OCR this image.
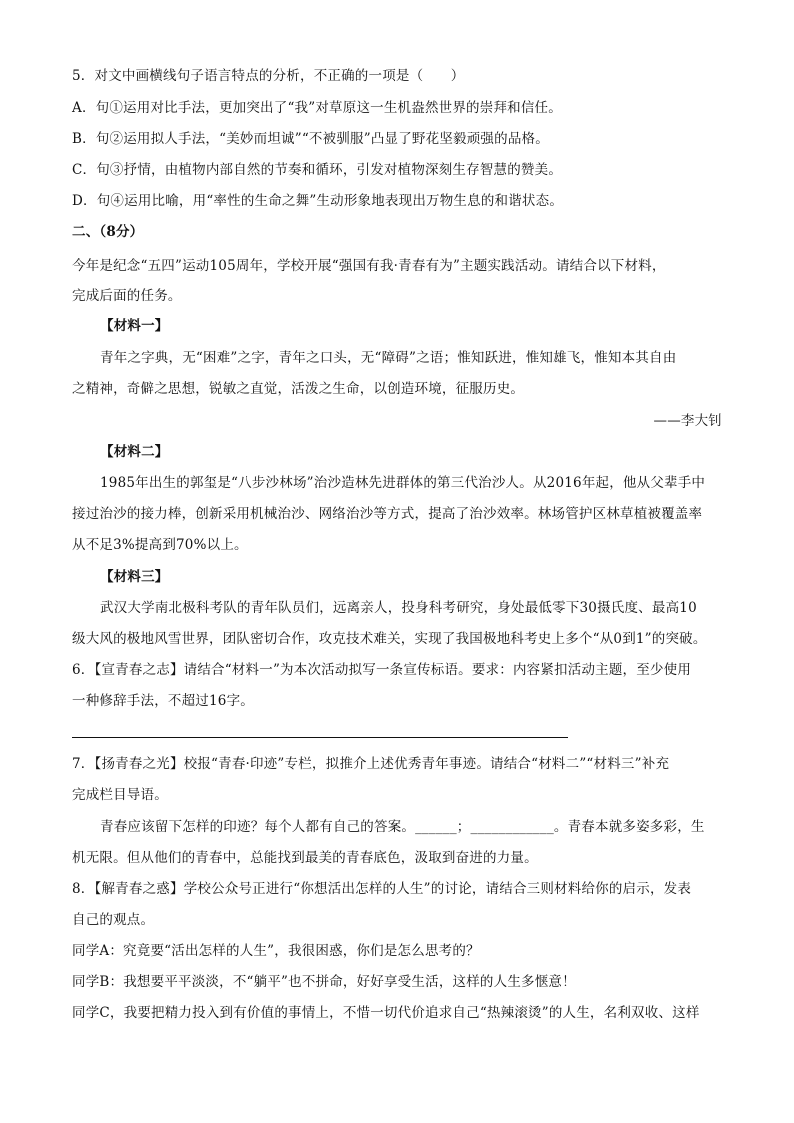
5．对文中画横线句子语言特点的分析，不正确的一项是（　　）
A．句①运用对比手法，更加突出了“我”对草原这一生机盎然世界的崇拜和信任。
B．句②运用拟人手法，“美妙而坦诚”“不被驯服”凸显了野花坚毅顽强的品格。
C．句③抒情，由植物内部自然的节奏和循环，引发对植物深刻生存智慧的赞美。
D．句④运用比喻，用“率性的生命之舞”生动形象地表现出万物生息的和谐状态。
二、（8分）
今年是纪念“五四”运动105周年，学校开展“强国有我·青春有为”主题实践活动。请结合以下材料，
完成后面的任务。
【材料一】
青年之字典，无“困难”之字，青年之口头，无“障碍”之语；惟知跃进，惟知雄飞，惟知本其自由
之精神，奇僻之思想，锐敏之直觉，活泼之生命，以创造环境，征服历史。
——李大钊
【材料二】
1985年出生的郭玺是“八步沙林场”治沙造林先进群体的第三代治沙人。从2016年起，他从父辈手中
接过治沙的接力棒，创新采用机械治沙、网络治沙等方式，提高了治沙效率。林场管护区林草植被覆盖率
从不足3%提高到70%以上。
【材料三】
武汉大学南北极科考队的青年队员们，远离亲人，投身科考研究，身处最低零下30摄氏度、最高10
级大风的极地风雪世界，团队密切合作，攻克技术难关，实现了我国极地科考史上多个“从0到1”的突破。
6．【宣青春之志】请结合“材料一”为本次活动拟写一条宣传标语。要求：内容紧扣活动主题，至少使用
一种修辞手法，不超过16字。
7．【扬青春之光】校报“青春·印迹”专栏，拟推介上述优秀青年事迹。请结合“材料二”“材料三”补充
完成栏目导语。
青春应该留下怎样的印迹？每个人都有自己的答案。______；____________。青春本就多姿多彩，生
机无限。但从他们的青春中，总能找到最美的青春底色，汲取到奋进的力量。
8．【解青春之惑】学校公众号正进行“你想活出怎样的人生”的讨论，请结合三则材料给你的启示，发表
自己的观点。
同学A：究竟要“活出怎样的人生”，我很困惑，你们是怎么思考的？
同学B：我想要平平淡淡，不“躺平”也不拼命，好好享受生活，这样的人生多惬意！
同学C，我要把精力投入到有价值的事情上，不惜一切代价追求自己“热辣滚烫”的人生，名利双收、这样
